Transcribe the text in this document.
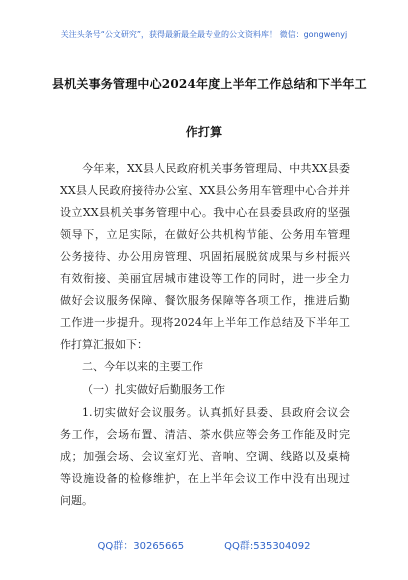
关注头条号“公文研究”，获得最新最全最专业的公文资料库！ 微信：gongwenyj
县机关事务管理中心2024年度上半年工作总结和下半年工
作打算
今年来，XX县人民政府机关事务管理局、中共XX县委
XX县人民政府接待办公室、XX县公务用车管理中心合并并
设立XX县机关事务管理中心。我中心在县委县政府的坚强
领导下，立足实际，在做好公共机构节能、公务用车管理
公务接待、办公用房管理、巩固拓展脱贫成果与乡村振兴
有效衔接、美丽宜居城市建设等工作的同时，进一步全力
做好会议服务保障、餐饮服务保障等各项工作，推进后勤
工作进一步提升。现将2024年上半年工作总结及下半年工
作打算汇报如下：
二、今年以来的主要工作
（一）扎实做好后勤服务工作
1.切实做好会议服务。认真抓好县委、县政府会议会
务工作，会场布置、清洁、茶水供应等会务工作能及时完
成；加强会场、会议室灯光、音响、空调、线路以及桌椅
等设施设备的检修维护，在上半年会议工作中没有出现过
问题。
QQ群：30265665	QQ群:535304092
